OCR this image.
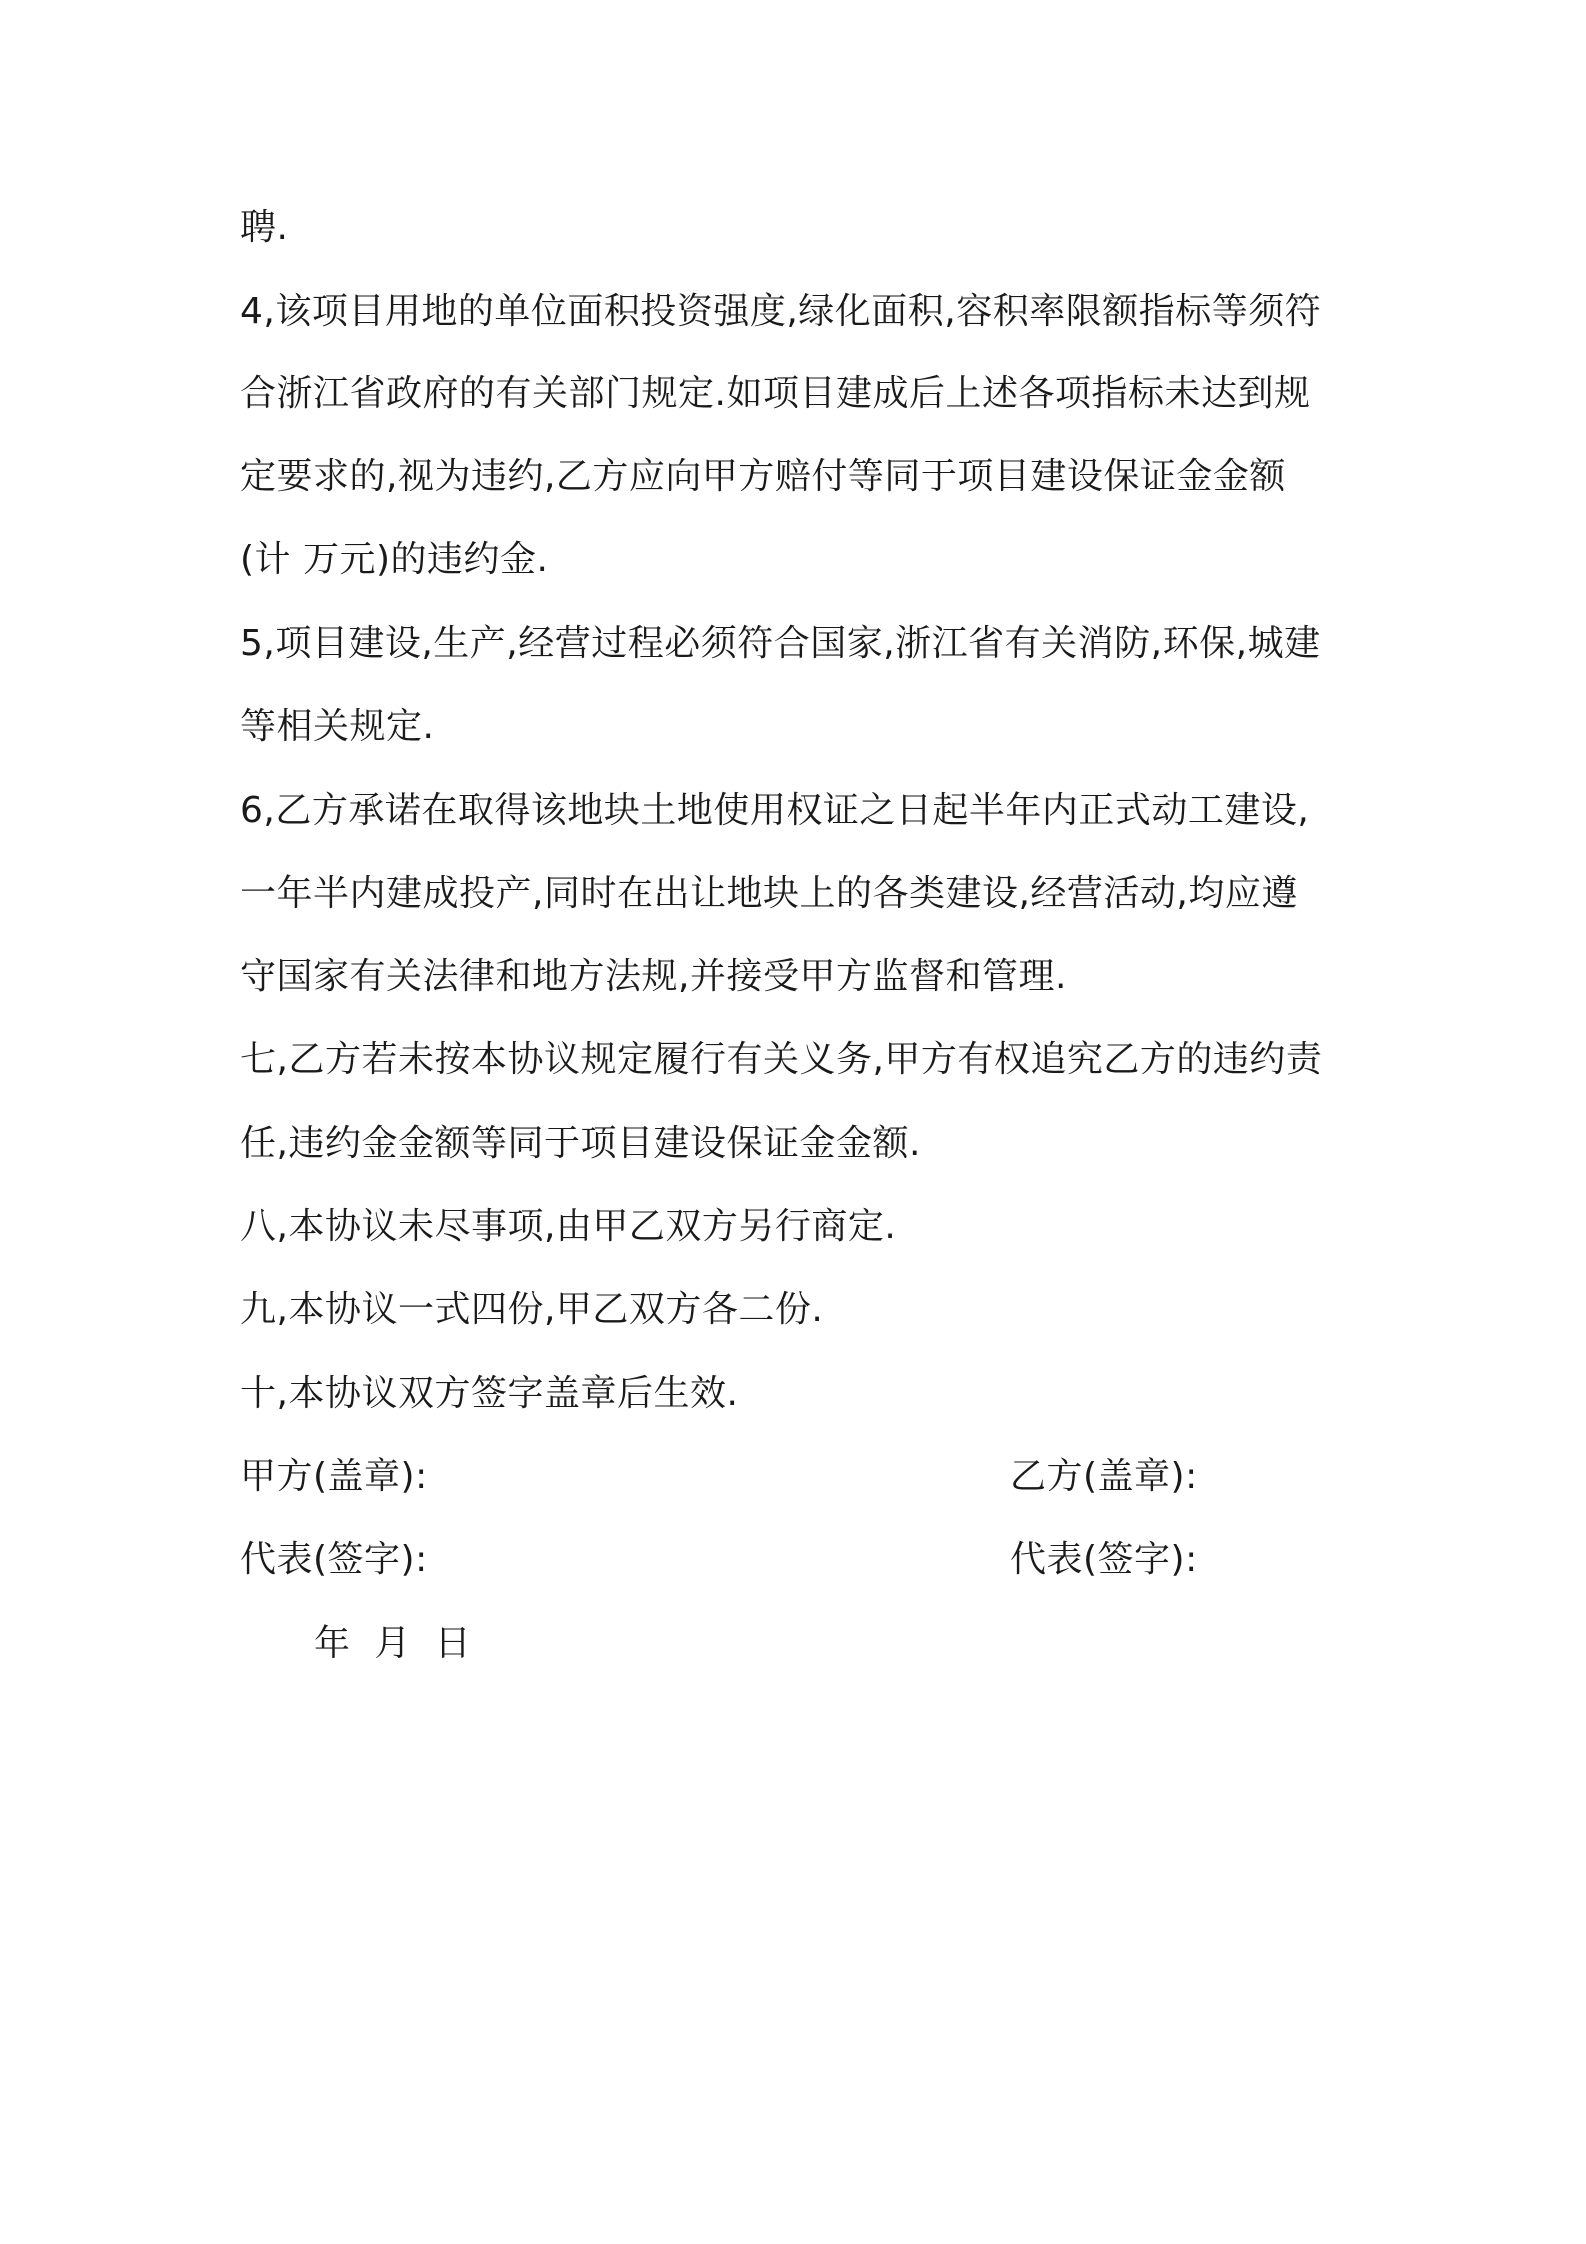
聘.
4,该项目用地的单位面积投资强度,绿化面积,容积率限额指标等须符
合浙江省政府的有关部门规定.如项目建成后上述各项指标未达到规
定要求的,视为违约,乙方应向甲方赔付等同于项目建设保证金金额
(计 万元)的违约金.
5,项目建设,生产,经营过程必须符合国家,浙江省有关消防,环保,城建
等相关规定.
6,乙方承诺在取得该地块土地使用权证之日起半年内正式动工建设,
一年半内建成投产,同时在出让地块上的各类建设,经营活动,均应遵
守国家有关法律和地方法规,并接受甲方监督和管理.
七,乙方若未按本协议规定履行有关义务,甲方有权追究乙方的违约责
任,违约金金额等同于项目建设保证金金额.
八,本协议未尽事项,由甲乙双方另行商定.
九,本协议一式四份,甲乙双方各二份.
十,本协议双方签字盖章后生效.
甲方(盖章):	乙方(盖章):
代表(签字):	代表(签字):
年  月  日
